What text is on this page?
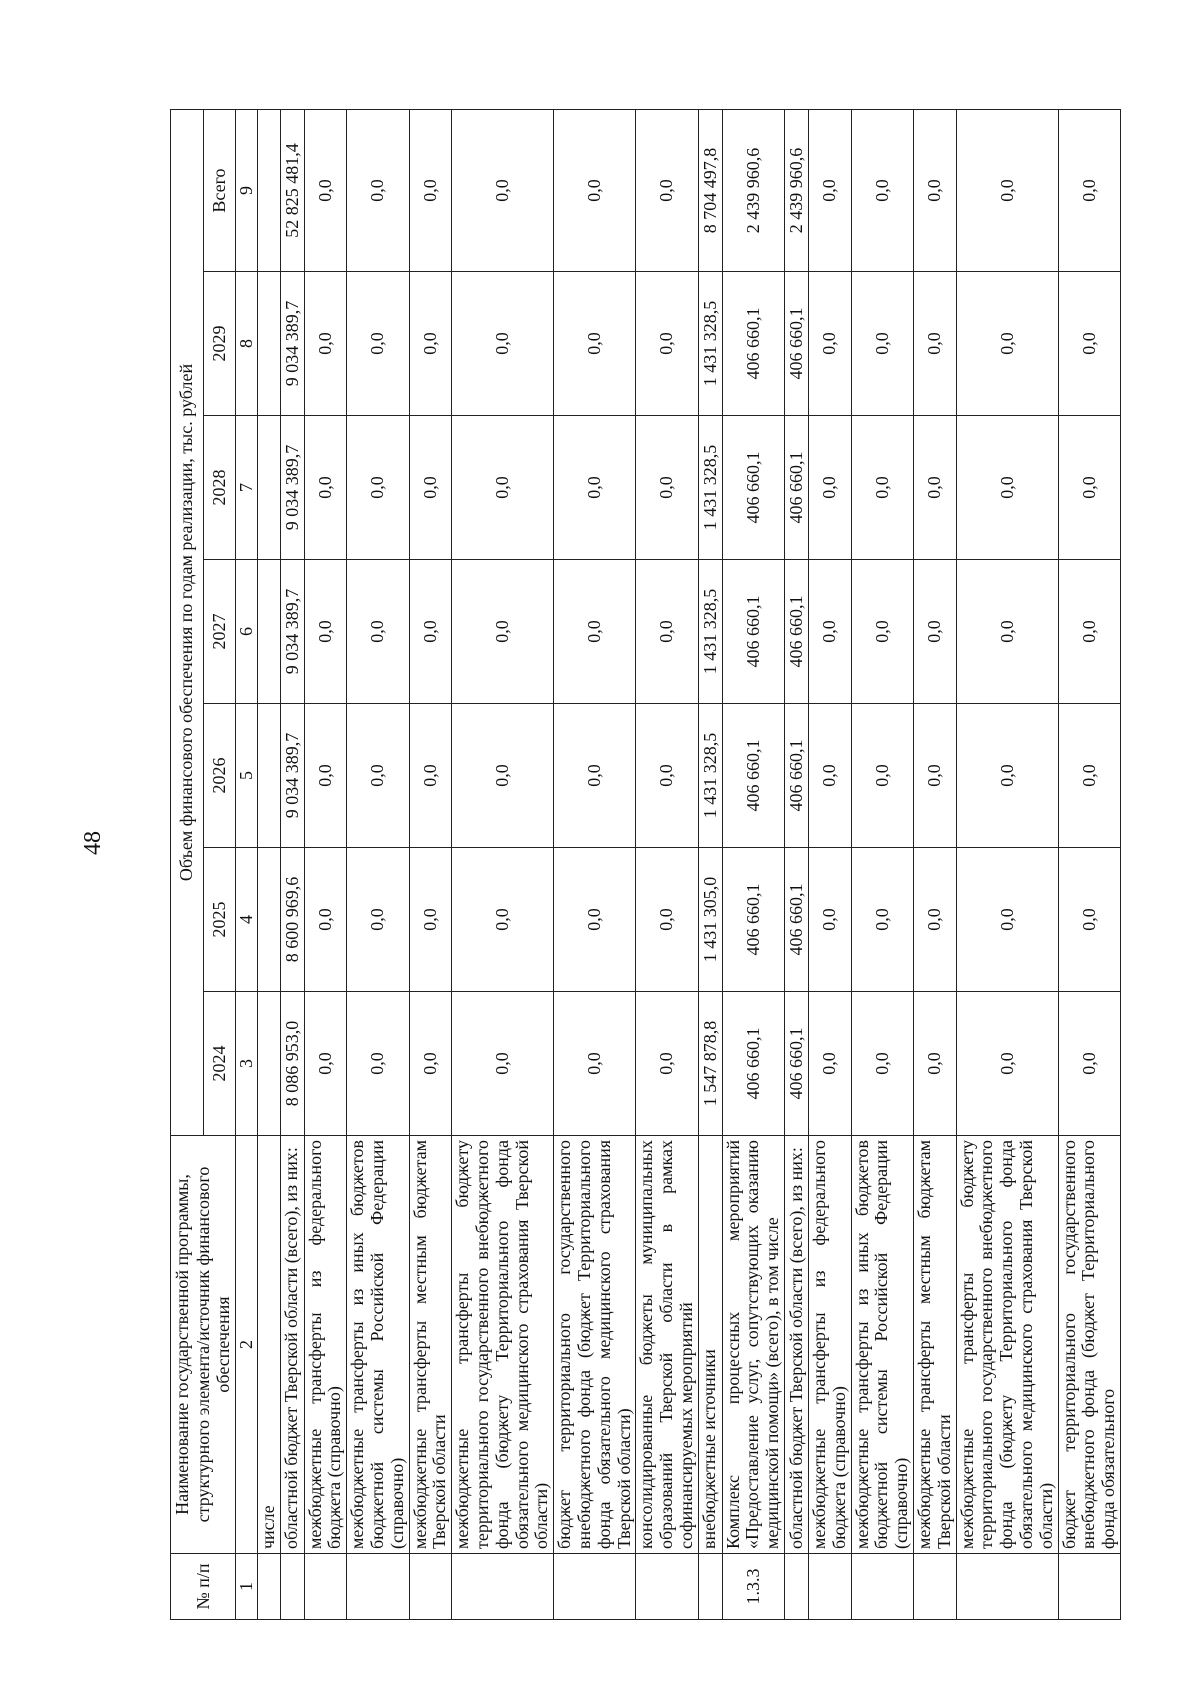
48
№ п/п	Наименование государственной программы, структурного элемента/источник финансового обеспечения	Объем финансового обеспечения по годам реализации, тыс. рублей						
		2024	2025	2026	2027	2028	2029	Всего
1	2	3	4	5	6	7	8	9
	числе							
	областной бюджет Тверской области (всего), из них:	8 086 953,0	8 600 969,6	9 034 389,7	9 034 389,7	9 034 389,7	9 034 389,7	52 825 481,4
	межбюджетные трансферты из федерального бюджета (справочно)	0,0	0,0	0,0	0,0	0,0	0,0	0,0
	межбюджетные трансферты из иных бюджетов бюджетной системы Российской Федерации (справочно)	0,0	0,0	0,0	0,0	0,0	0,0	0,0
	межбюджетные трансферты местным бюджетам Тверской области	0,0	0,0	0,0	0,0	0,0	0,0	0,0
	межбюджетные трансферты бюджету территориального государственного внебюджетного фонда (бюджету Территориального фонда обязательного медицинского страхования Тверской области)	0,0	0,0	0,0	0,0	0,0	0,0	0,0
	бюджет территориального государственного внебюджетного фонда (бюджет Территориального фонда обязательного медицинского страхования Тверской области)	0,0	0,0	0,0	0,0	0,0	0,0	0,0
	консолидированные бюджеты муниципальных образований Тверской области в рамках софинансируемых мероприятий	0,0	0,0	0,0	0,0	0,0	0,0	0,0
	внебюджетные источники	1 547 878,8	1 431 305,0	1 431 328,5	1 431 328,5	1 431 328,5	1 431 328,5	8 704 497,8
1.3.3	Комплекс процессных мероприятий «Предоставление услуг, сопутствующих оказанию медицинской помощи» (всего), в том числе	406 660,1	406 660,1	406 660,1	406 660,1	406 660,1	406 660,1	2 439 960,6
	областной бюджет Тверской области (всего), из них:	406 660,1	406 660,1	406 660,1	406 660,1	406 660,1	406 660,1	2 439 960,6
	межбюджетные трансферты из федерального бюджета (справочно)	0,0	0,0	0,0	0,0	0,0	0,0	0,0
	межбюджетные трансферты из иных бюджетов бюджетной системы Российской Федерации (справочно)	0,0	0,0	0,0	0,0	0,0	0,0	0,0
	межбюджетные трансферты местным бюджетам Тверской области	0,0	0,0	0,0	0,0	0,0	0,0	0,0
	межбюджетные трансферты бюджету территориального государственного внебюджетного фонда (бюджету Территориального фонда обязательного медицинского страхования Тверской области)	0,0	0,0	0,0	0,0	0,0	0,0	0,0
	бюджет территориального государственного внебюджетного фонда (бюджет Территориального фонда обязательного	0,0	0,0	0,0	0,0	0,0	0,0	0,0
